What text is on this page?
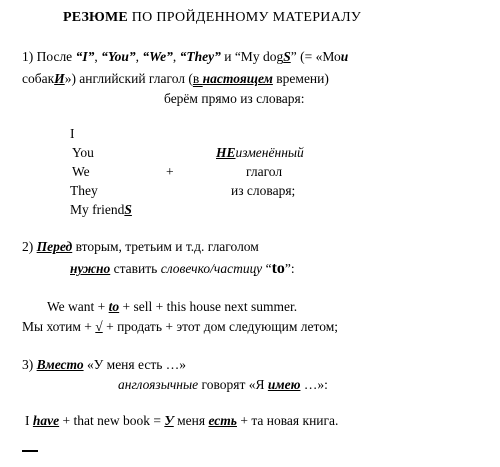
РЕЗЮМЕ ПО ПРОЙДЕННОМУ МАТЕРИАЛУ
1) После “I”, “You”, “We”, “They” и “My dogS” (= «Мои
собакИ») английский глагол (в настоящем времени)
берём прямо из словаря:
I
You
We
They
My friendS
+
НЕизменённый
глагол
из словаря;
2) Перед вторым, третьим и т.д. глаголом
нужно ставить словечко/частицу “to”:
We want + to + sell + this house next summer.
Мы хотим + √ + продать + этот дом следующим летом;
3) Вместо «У меня есть …»
англоязычные говорят «Я имею …»:
I have + that new book = У меня есть + та новая книга.
